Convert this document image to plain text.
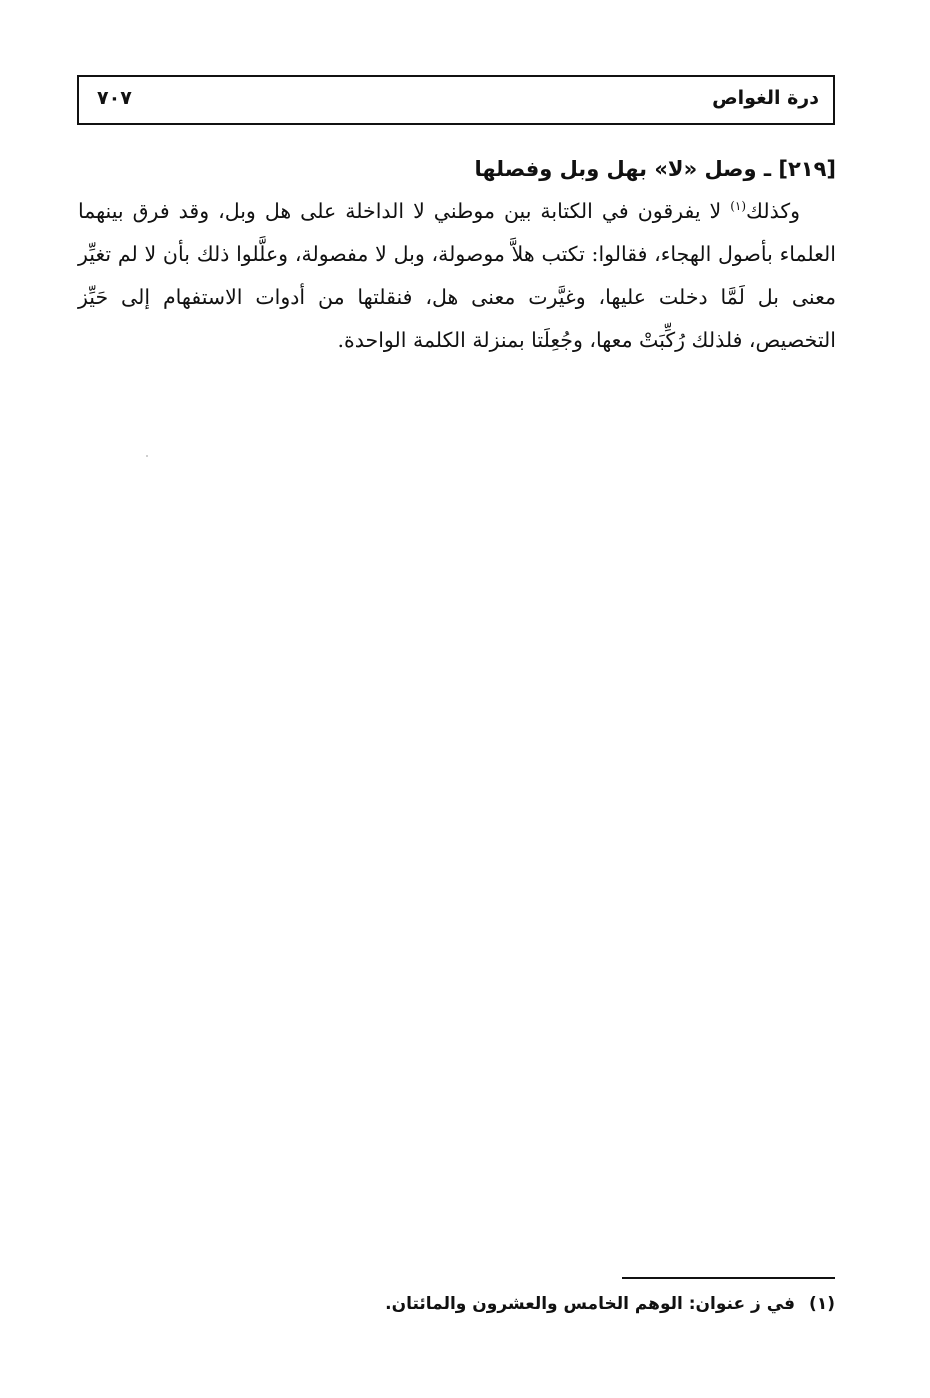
درة الغواص
٧٠٧
[٢١٩] ـ وصل «لا» بهل وبل وفصلها

وكذلك$^{(١)}$ لا يفرقون في الكتابة بين موطني لا الداخلة على هل وبل، وقد فرق بينهما العلماء بأصول الهجاء، فقالوا: تكتب هلاَّ موصولة، وبل لا مفصولة، وعلَّلوا ذلك بأن لا لم تغيِّر معنى بل لَمَّا دخلت عليها، وغيَّرت معنى هل، فنقلتها من أدوات الاستفهام إلى حَيِّز التخصيص، فلذلك رُكِّبَتْ معها، وجُعِلَتا بمنزلة الكلمة الواحدة.

(١)في ز عنوان: الوهم الخامس والعشرون والمائتان.
